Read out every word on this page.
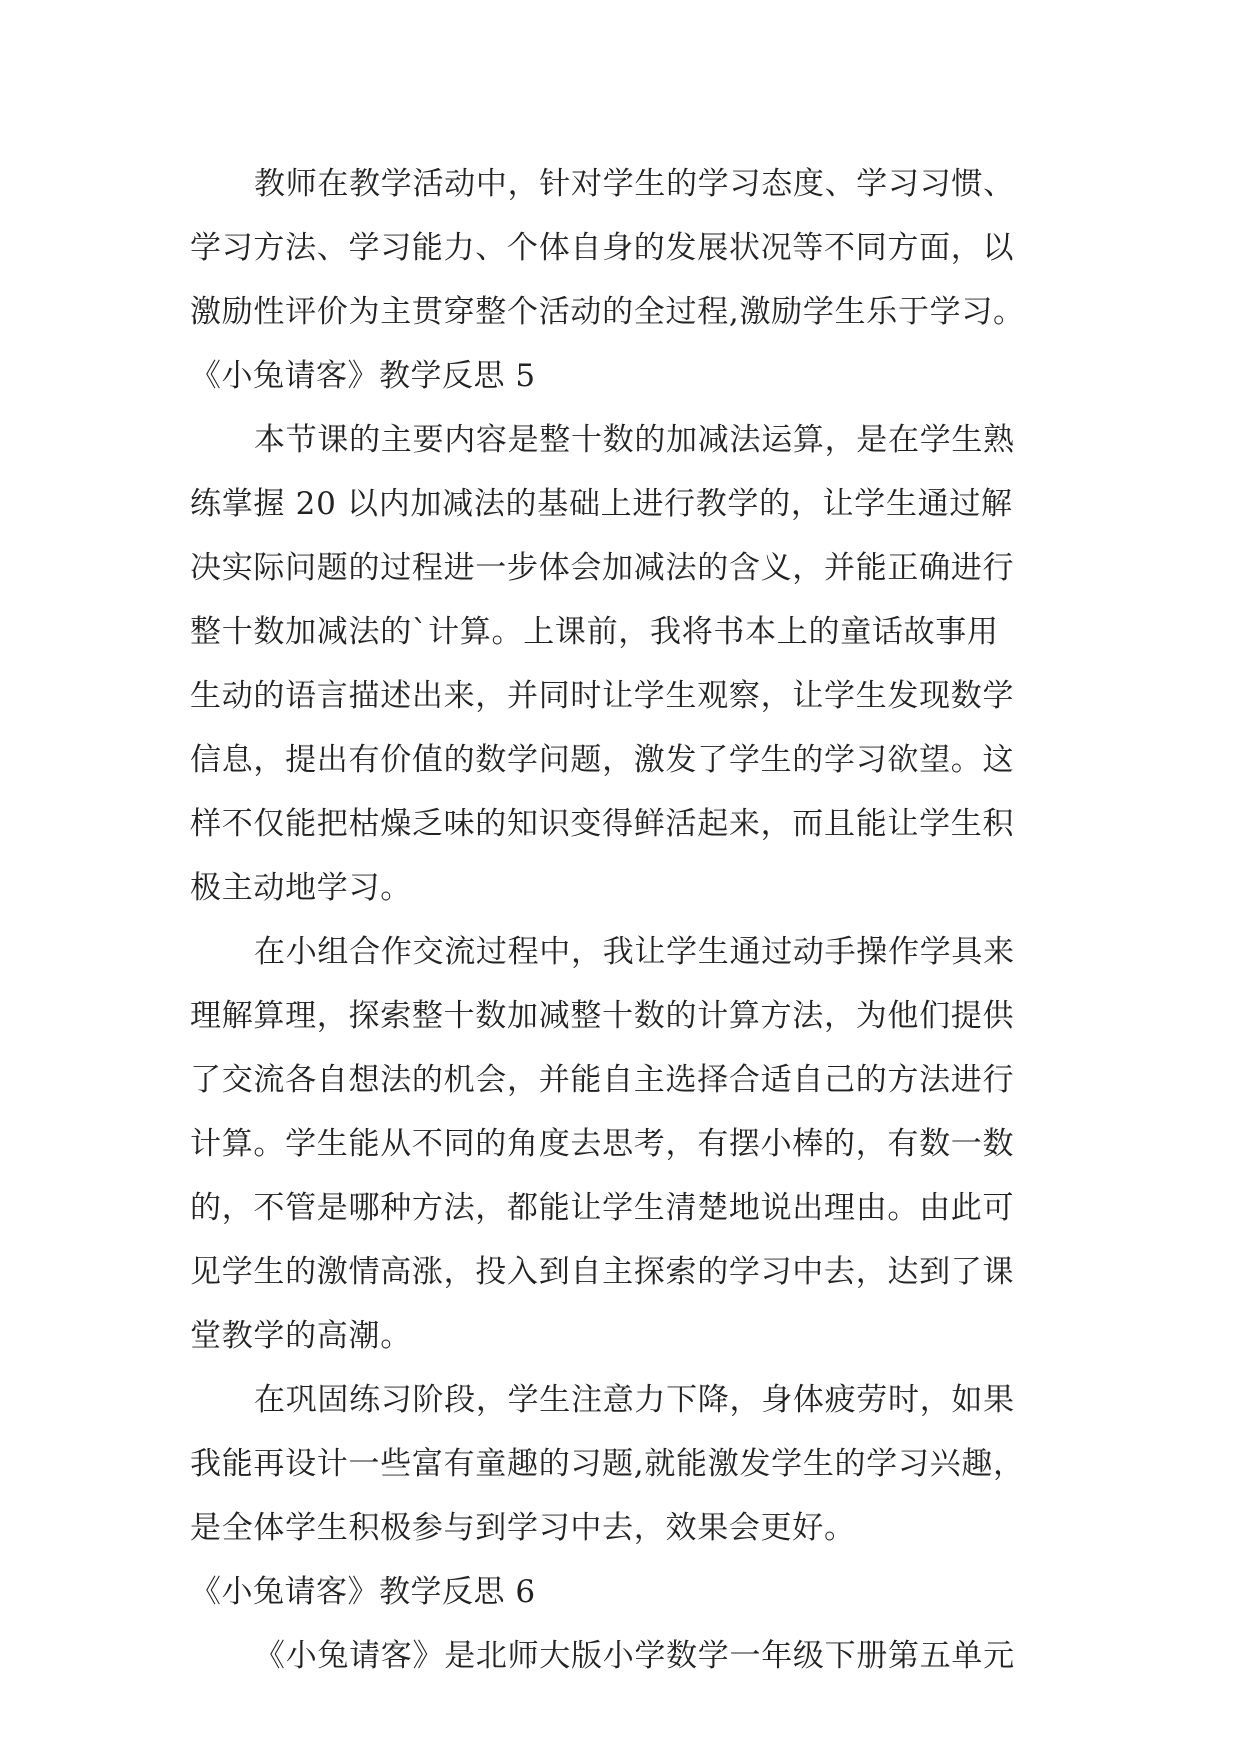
教师在教学活动中，针对学生的学习态度、学习习惯、
学习方法、学习能力、个体自身的发展状况等不同方面，以
激励性评价为主贯穿整个活动的全过程,激励学生乐于学习。
《小兔请客》教学反思 5
本节课的主要内容是整十数的加减法运算，是在学生熟
练掌握 20 以内加减法的基础上进行教学的，让学生通过解
决实际问题的过程进一步体会加减法的含义，并能正确进行
整十数加减法的`计算。上课前，我将书本上的童话故事用
生动的语言描述出来，并同时让学生观察，让学生发现数学
信息，提出有价值的数学问题，激发了学生的学习欲望。这
样不仅能把枯燥乏味的知识变得鲜活起来，而且能让学生积
极主动地学习。
在小组合作交流过程中，我让学生通过动手操作学具来
理解算理，探索整十数加减整十数的计算方法，为他们提供
了交流各自想法的机会，并能自主选择合适自己的方法进行
计算。学生能从不同的角度去思考，有摆小棒的，有数一数
的，不管是哪种方法，都能让学生清楚地说出理由。由此可
见学生的激情高涨，投入到自主探索的学习中去，达到了课
堂教学的高潮。
在巩固练习阶段，学生注意力下降，身体疲劳时，如果
我能再设计一些富有童趣的习题,就能激发学生的学习兴趣，
是全体学生积极参与到学习中去，效果会更好。
《小兔请客》教学反思 6
《小兔请客》是北师大版小学数学一年级下册第五单元
